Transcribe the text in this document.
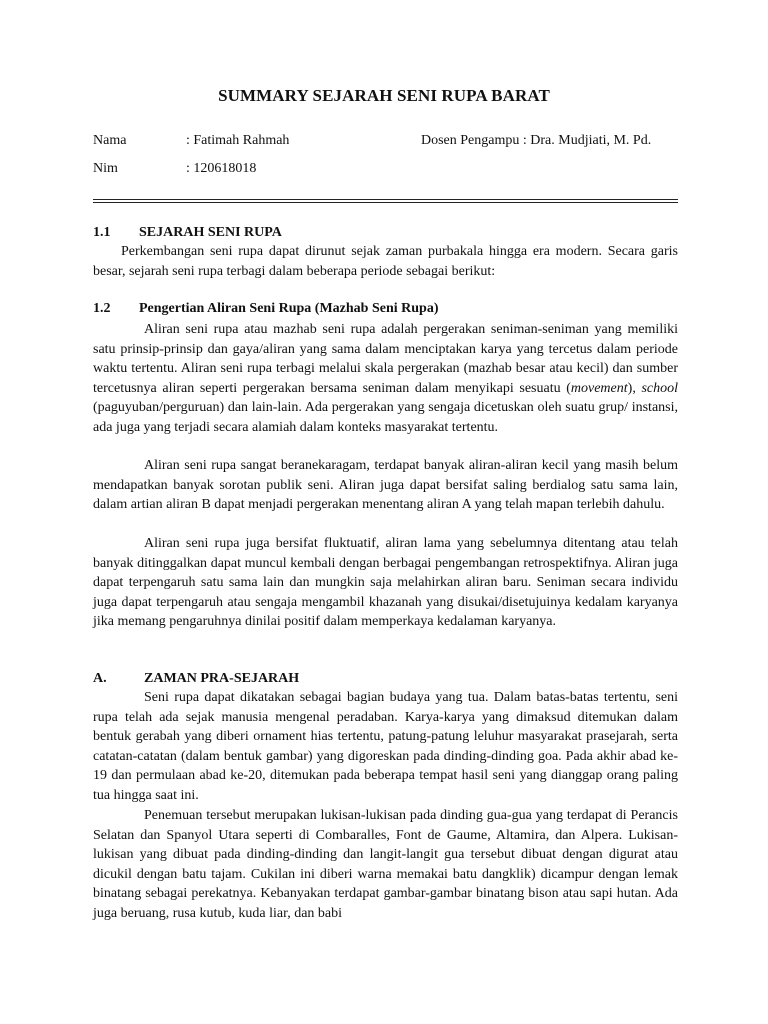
SUMMARY SEJARAH SENI RUPA BARAT
Nama	: Fatimah Rahmah	Dosen Pengampu : Dra. Mudjiati, M. Pd.
Nim	: 120618018
1.1 SEJARAH SENI RUPA

Perkembangan seni rupa dapat dirunut sejak zaman purbakala hingga era modern. Secara garis besar, sejarah seni rupa terbagi dalam beberapa periode sebagai berikut:

1.2 Pengertian Aliran Seni Rupa (Mazhab Seni Rupa)

Aliran seni rupa atau mazhab seni rupa adalah pergerakan seniman-seniman yang memiliki satu prinsip-prinsip dan gaya/aliran yang sama dalam menciptakan karya yang tercetus dalam periode waktu tertentu. Aliran seni rupa terbagi melalui skala pergerakan (mazhab besar atau kecil) dan sumber tercetusnya aliran seperti pergerakan bersama seniman dalam menyikapi sesuatu (movement), school (paguyuban/perguruan) dan lain-lain. Ada pergerakan yang sengaja dicetuskan oleh suatu grup/ instansi, ada juga yang terjadi secara alamiah dalam konteks masyarakat tertentu.

Aliran seni rupa sangat beranekaragam, terdapat banyak aliran-aliran kecil yang masih belum mendapatkan banyak sorotan publik seni. Aliran juga dapat bersifat saling berdialog satu sama lain, dalam artian aliran B dapat menjadi pergerakan menentang aliran A yang telah mapan terlebih dahulu.

Aliran seni rupa juga bersifat fluktuatif, aliran lama yang sebelumnya ditentang atau telah banyak ditinggalkan dapat muncul kembali dengan berbagai pengembangan retrospektifnya. Aliran juga dapat terpengaruh satu sama lain dan mungkin saja melahirkan aliran baru. Seniman secara individu juga dapat terpengaruh atau sengaja mengambil khazanah yang disukai/disetujuinya kedalam karyanya jika memang pengaruhnya dinilai positif dalam memperkaya kedalaman karyanya.

A.	ZAMAN PRA-SEJARAH

Seni rupa dapat dikatakan sebagai bagian budaya yang tua. Dalam batas-batas tertentu, seni rupa telah ada sejak manusia mengenal peradaban. Karya-karya yang dimaksud ditemukan dalam bentuk gerabah yang diberi ornament hias tertentu, patung-patung leluhur masyarakat prasejarah, serta catatan-catatan (dalam bentuk gambar) yang digoreskan pada dinding-dinding goa. Pada akhir abad ke-19 dan permulaan abad ke-20, ditemukan pada beberapa tempat hasil seni yang dianggap orang paling tua hingga saat ini.

Penemuan tersebut merupakan lukisan-lukisan pada dinding gua-gua yang terdapat di Perancis Selatan dan Spanyol Utara seperti di Combaralles, Font de Gaume, Altamira, dan Alpera. Lukisan-lukisan yang dibuat pada dinding-dinding dan langit-langit gua tersebut dibuat dengan digurat atau dicukil dengan batu tajam. Cukilan ini diberi warna memakai batu dangklik) dicampur dengan lemak binatang sebagai perekatnya. Kebanyakan terdapat gambar-gambar binatang bison atau sapi hutan. Ada juga beruang, rusa kutub, kuda liar, dan babi
